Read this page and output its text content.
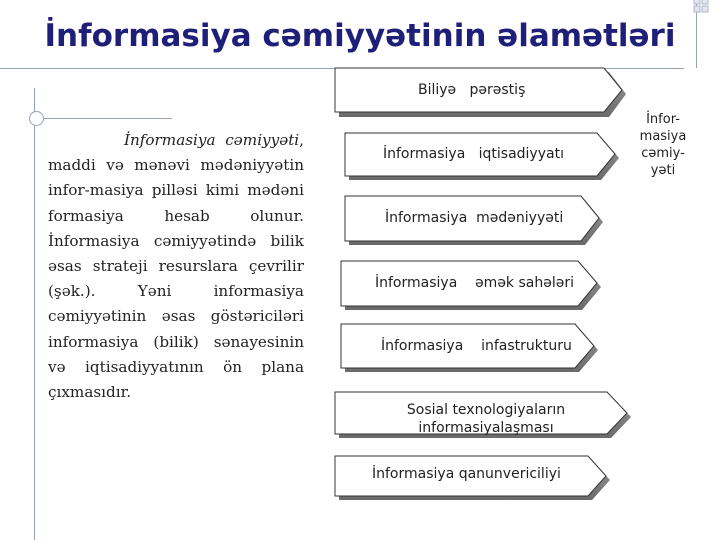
İnformasiya cəmiyyətinin əlamətləri
İnformasiya cəmiyyəti, maddi və mənəvi mədəniyyətin infor-masiya pilləsi kimi mədəni formasiya hesab olunur. İnformasiya cəmiyyətində bilik əsas strateji resurslara çevrilir (şək.). Yəni informasiya cəmiyyətinin əsas göstəriciləri informasiya (bilik) sənayesinin və iqtisadiyyatının ön plana çıxmasıdır.
Biliyə   pərəstiş
İnformasiya   iqtisadiyyatı
İnformasiya  mədəniyyəti
İnformasiya    əmək sahələri
İnformasiya    infastrukturu
Sosial texnologiyaların informasiyalaşması
İnformasiya qanunvericiliyi
İnfor-
masiya
cəmiy-
yəti
